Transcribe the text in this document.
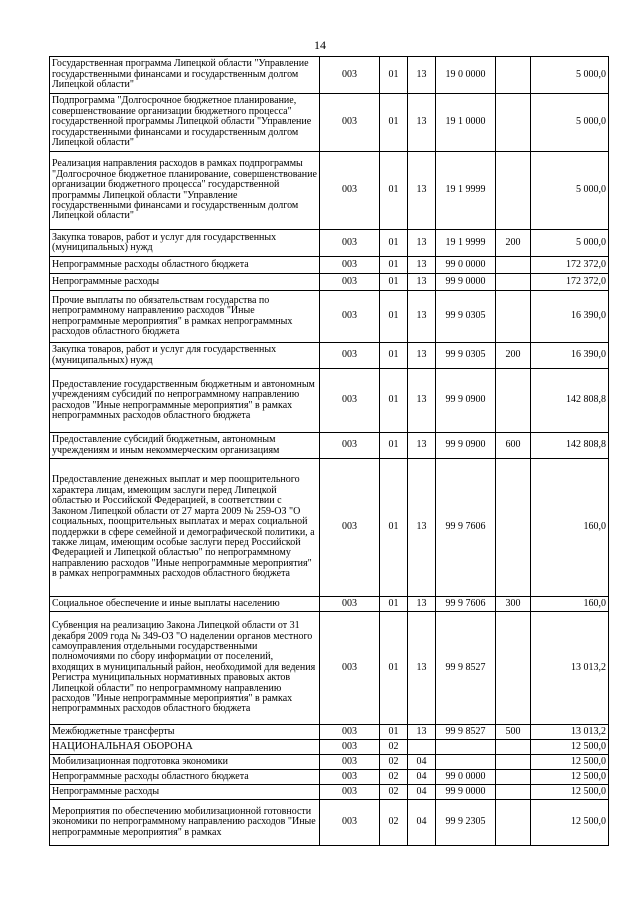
14
Государственная программа Липецкой области "Управление государственными финансами и государственным долгом Липецкой области"	003	01	13	19 0 0000		5 000,0
Подпрограмма "Долгосрочное бюджетное планирование, совершенствование организации бюджетного процесса" государственной программы Липецкой области "Управление государственными финансами и государственным долгом Липецкой области"	003	01	13	19 1 0000		5 000,0
Реализация направления расходов в рамках подпрограммы "Долгосрочное бюджетное планирование, совершенствование организации бюджетного процесса" государственной программы Липецкой области "Управление государственными финансами и государственным долгом Липецкой области"	003	01	13	19 1 9999		5 000,0
Закупка товаров, работ и услуг для государственных (муниципальных) нужд	003	01	13	19 1 9999	200	5 000,0
Непрограммные расходы областного бюджета	003	01	13	99 0 0000		172 372,0
Непрограммные расходы	003	01	13	99 9 0000		172 372,0
Прочие выплаты по обязательствам государства по непрограммному направлению расходов "Иные непрограммные мероприятия" в рамках непрограммных расходов областного бюджета	003	01	13	99 9 0305		16 390,0
Закупка товаров, работ и услуг для государственных (муниципальных) нужд	003	01	13	99 9 0305	200	16 390,0
Предоставление государственным бюджетным и автономным учреждениям субсидий по непрограммному направлению расходов "Иные непрограммные мероприятия" в рамках непрограммных расходов областного бюджета	003	01	13	99 9 0900		142 808,8
Предоставление субсидий бюджетным, автономным учреждениям и иным некоммерческим организациям	003	01	13	99 9 0900	600	142 808,8
Предоставление денежных выплат и мер поощрительного характера лицам, имеющим заслуги перед Липецкой областью и Российской Федерацией, в соответствии с Законом Липецкой области от 27 марта 2009 № 259-ОЗ "О социальных, поощрительных выплатах и мерах социальной поддержки в сфере семейной и демографической политики, а также лицам, имеющим особые заслуги перед Российской Федерацией и Липецкой областью" по непрограммному направлению расходов "Иные непрограммные мероприятия" в рамках непрограммных расходов областного бюджета	003	01	13	99 9 7606		160,0
Социальное обеспечение и иные выплаты населению	003	01	13	99 9 7606	300	160,0
Субвенция на реализацию Закона Липецкой области от 31 декабря 2009 года № 349-ОЗ "О наделении органов местного самоуправления отдельными государственными полномочиями по сбору информации от поселений, входящих в муниципальный район, необходимой для ведения Регистра муниципальных нормативных правовых актов Липецкой области" по непрограммному направлению расходов "Иные непрограммные мероприятия" в рамках непрограммных расходов областного бюджета	003	01	13	99 9 8527		13 013,2
Межбюджетные трансферты	003	01	13	99 9 8527	500	13 013,2
НАЦИОНАЛЬНАЯ ОБОРОНА	003	02				12 500,0
Мобилизационная подготовка экономики	003	02	04			12 500,0
Непрограммные расходы областного бюджета	003	02	04	99 0 0000		12 500,0
Непрограммные расходы	003	02	04	99 9 0000		12 500,0
Мероприятия по обеспечению мобилизационной готовности экономики по непрограммному направлению расходов "Иные непрограммные мероприятия" в рамках	003	02	04	99 9 2305		12 500,0
